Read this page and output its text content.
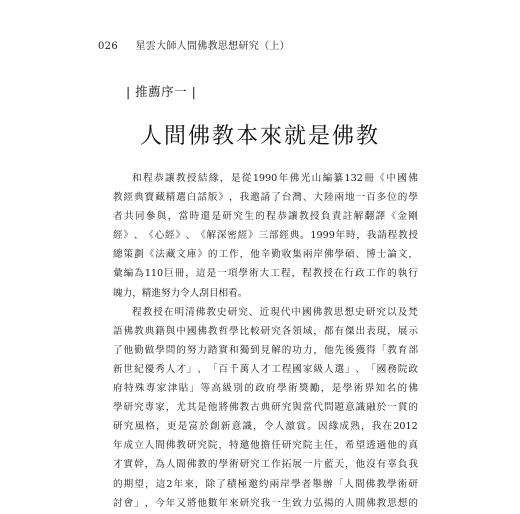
026 星雲大師人間佛教思想研究（上）
| 推薦序一 |
人間佛教本來就是佛教
和 程 恭 讓 教 授 結 緣 ， 是 從 1990 年 佛 光 山 編 纂 132 冊 《 中 國 佛
教 經 典 寶 藏 精 選 白 話 版 》 ， 我 邀 請 了 台 灣 、 大 陸 兩 地 一 百 多 位 的 學
者 共 同 參 與 ， 當 時 還 是 研 究 生 的 程 恭 讓 教 授 負 責 註 解 翻 譯 《 金 剛
經 》 、 《 心 經 》 、 《 解 深 密 經 》 三 部 經 典 。 1999 年 時 ， 我 請 程 教 授
總 策 劃 《 法 藏 文 庫 》 的 工 作 ， 他 辛 勤 收 集 兩 岸 佛 學 碩 、 博 士 論 文 ，
彙 編 為 110 巨 冊 ， 這 是 一 項 學 術 大 工 程 ， 程 教 授 在 行 政 工 作 的 執 行
魄 力 ， 精 進 努 力 令 人 刮 目 相 看 。
程 教 授 在 明 清 佛 教 史 研 究 、 近 現 代 中 國 佛 教 思 想 史 研 究 以 及 梵
語 佛 教 典 籍 與 中 國 佛 教 哲 學 比 較 研 究 各 領 域 ， 都 有 傑 出 表 現 ， 展 示
了 他 勤 做 學 問 的 努 力 踏 實 和 獨 到 見 解 的 功 力 ， 他 先 後 獲 得 「 教 育 部
新 世 紀 優 秀 人 才 」 、 「 百 千 萬 人 才 工 程 國 家 級 人 選 」 、 「 國 務 院 政
府 特 殊 專 家 津 貼 」 等 高 級 別 的 政 府 學 術 獎 勵 ， 是 學 術 界 知 名 的 佛
學 研 究 專 家 ， 尤 其 是 他 將 佛 教 古 典 研 究 與 當 代 問 題 意 識 融 於 一 貫 的
研 究 風 格 ， 更 是 富 於 創 新 意 識 ， 令 人 激 賞 。 因 緣 成 熟 ， 我 在 2012
年 成 立 人 間 佛 教 研 究 院 ， 特 邀 他 擔 任 研 究 院 主 任 ， 希 望 透 過 他 的 真
才 實 幹 ， 為 人 間 佛 教 的 學 術 研 究 工 作 拓 展 一 片 藍 天 ， 他 沒 有 辜 負 我
的 期 望 ， 這 2 年 來 ， 除 了 積 極 邀 約 兩 岸 學 者 舉 辦 「 人 間 佛 教 學 術 研
討 會 」 ， 今 年 又 將 他 數 年 來 研 究 我 一 生 致 力 弘 揚 的 人 間 佛 教 思 想 的
